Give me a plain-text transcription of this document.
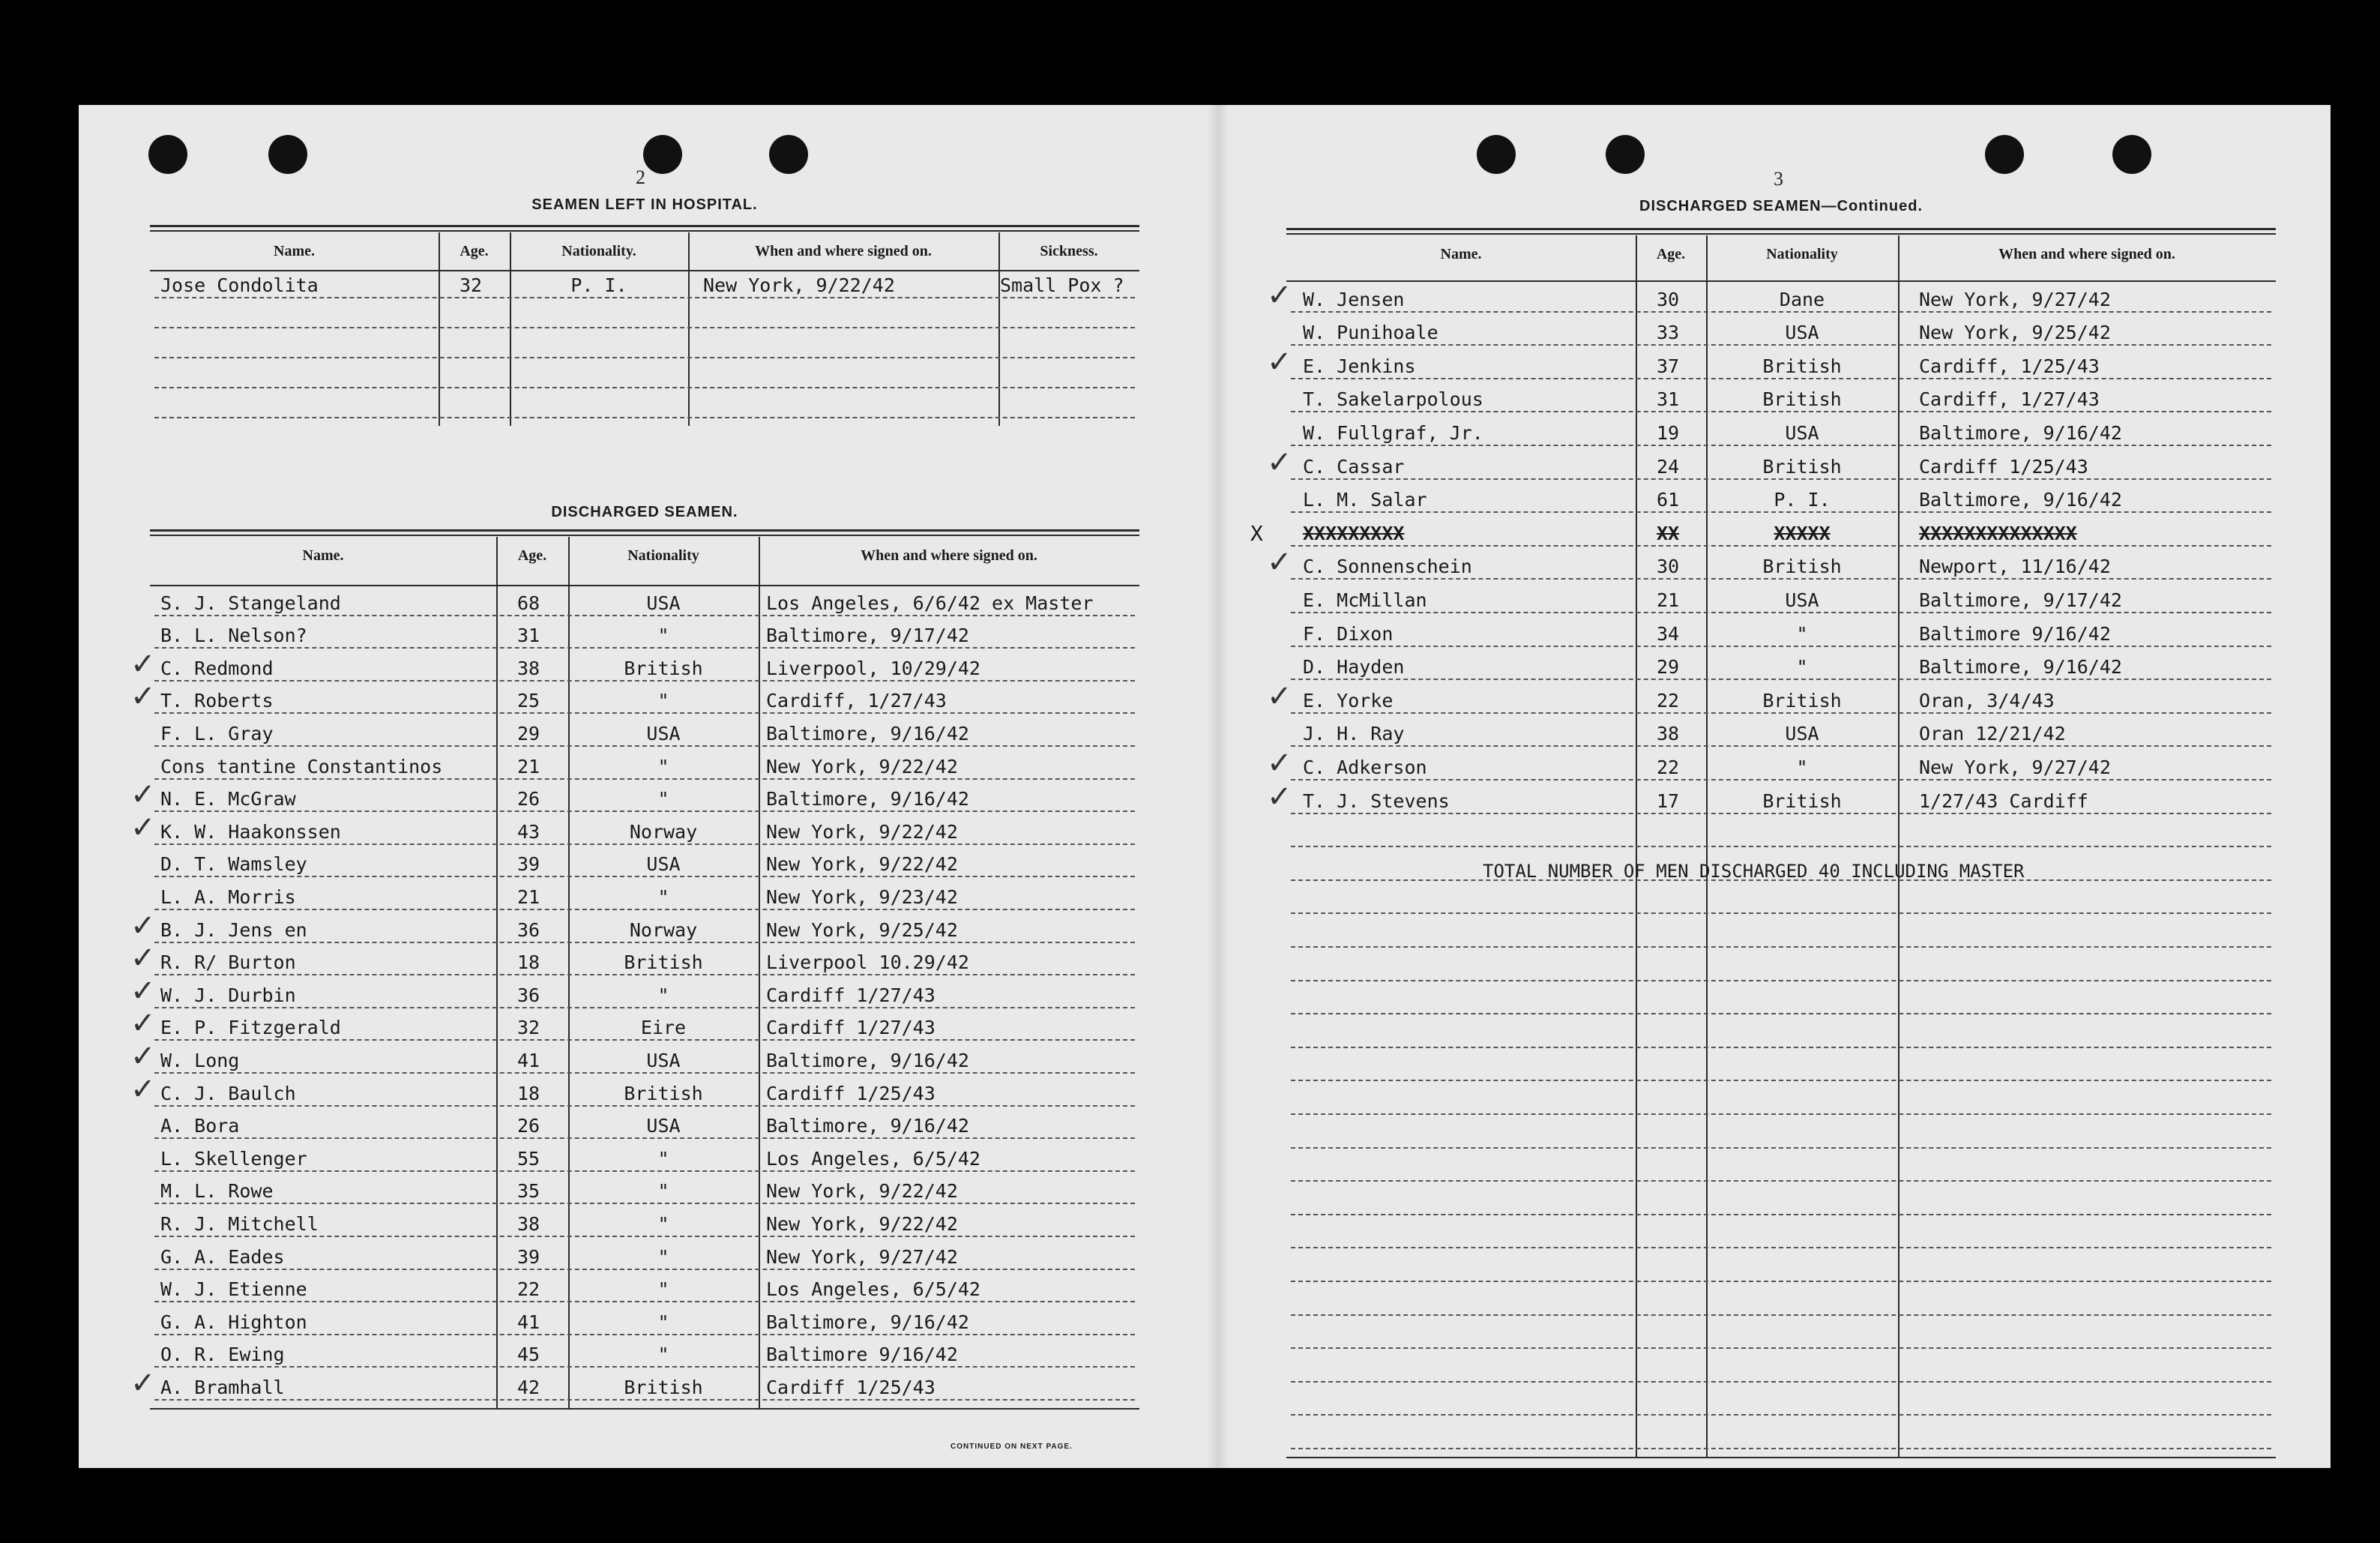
2
SEAMEN LEFT IN HOSPITAL.
Name.	Age.	Nationality.	When and where signed on.	Sickness.
Jose Condolita	32	P. I.	New York, 9/22/42	Small Pox ?
DISCHARGED SEAMEN.
Name.	Age.	Nationality	When and where signed on.
S. J. Stangeland	68	USA	Los Angeles, 6/6/42 ex Master
B. L. Nelson?	31	"	Baltimore, 9/17/42
C. Redmond	38	British	Liverpool, 10/29/42
✓
T. Roberts	25	"	Cardiff, 1/27/43
✓
F. L. Gray	29	USA	Baltimore, 9/16/42
Cons tantine Constantinos	21	"	New York, 9/22/42
N. E. McGraw	26	"	Baltimore, 9/16/42
✓
K. W. Haakonssen	43	Norway	New York, 9/22/42
✓
D. T. Wamsley	39	USA	New York, 9/22/42
L. A. Morris	21	"	New York, 9/23/42
B. J. Jens en	36	Norway	New York, 9/25/42
✓
R. R/ Burton	18	British	Liverpool 10.29/42
✓
W. J. Durbin	36	"	Cardiff 1/27/43
✓
E. P. Fitzgerald	32	Eire	Cardiff 1/27/43
✓
W. Long	41	USA	Baltimore, 9/16/42
✓
C. J. Baulch	18	British	Cardiff 1/25/43
✓
A. Bora	26	USA	Baltimore, 9/16/42
L. Skellenger	55	"	Los Angeles, 6/5/42
M. L. Rowe	35	"	New York, 9/22/42
R. J. Mitchell	38	"	New York, 9/22/42
G. A. Eades	39	"	New York, 9/27/42
W. J. Etienne	22	"	Los Angeles, 6/5/42
G. A. Highton	41	"	Baltimore, 9/16/42
O. R. Ewing	45	"	Baltimore 9/16/42
A. Bramhall	42	British	Cardiff 1/25/43
✓
CONTINUED ON NEXT PAGE.
3
DISCHARGED SEAMEN—Continued.
Name.	Age.	Nationality	When and where signed on.
W. Jensen	30	Dane	New York, 9/27/42
✓
W. Punihoale	33	USA	New York, 9/25/42
E. Jenkins	37	British	Cardiff, 1/25/43
✓
T. Sakelarpolous	31	British	Cardiff, 1/27/43
W. Fullgraf, Jr.	19	USA	Baltimore, 9/16/42
C. Cassar	24	British	Cardiff 1/25/43
✓
L. M. Salar	61	P. I.	Baltimore, 9/16/42
XXXXXXXXX	XX	XXXXX	XXXXXXXXXXXXXX
X
C. Sonnenschein	30	British	Newport, 11/16/42
✓
E. McMillan	21	USA	Baltimore, 9/17/42
F. Dixon	34	"	Baltimore 9/16/42
D. Hayden	29	"	Baltimore, 9/16/42
E. Yorke	22	British	Oran, 3/4/43
✓
J. H. Ray	38	USA	Oran 12/21/42
C. Adkerson	22	"	New York, 9/27/42
✓
T. J. Stevens	17	British	1/27/43 Cardiff
✓
TOTAL NUMBER OF MEN DISCHARGED 40 INCLUDING MASTER
